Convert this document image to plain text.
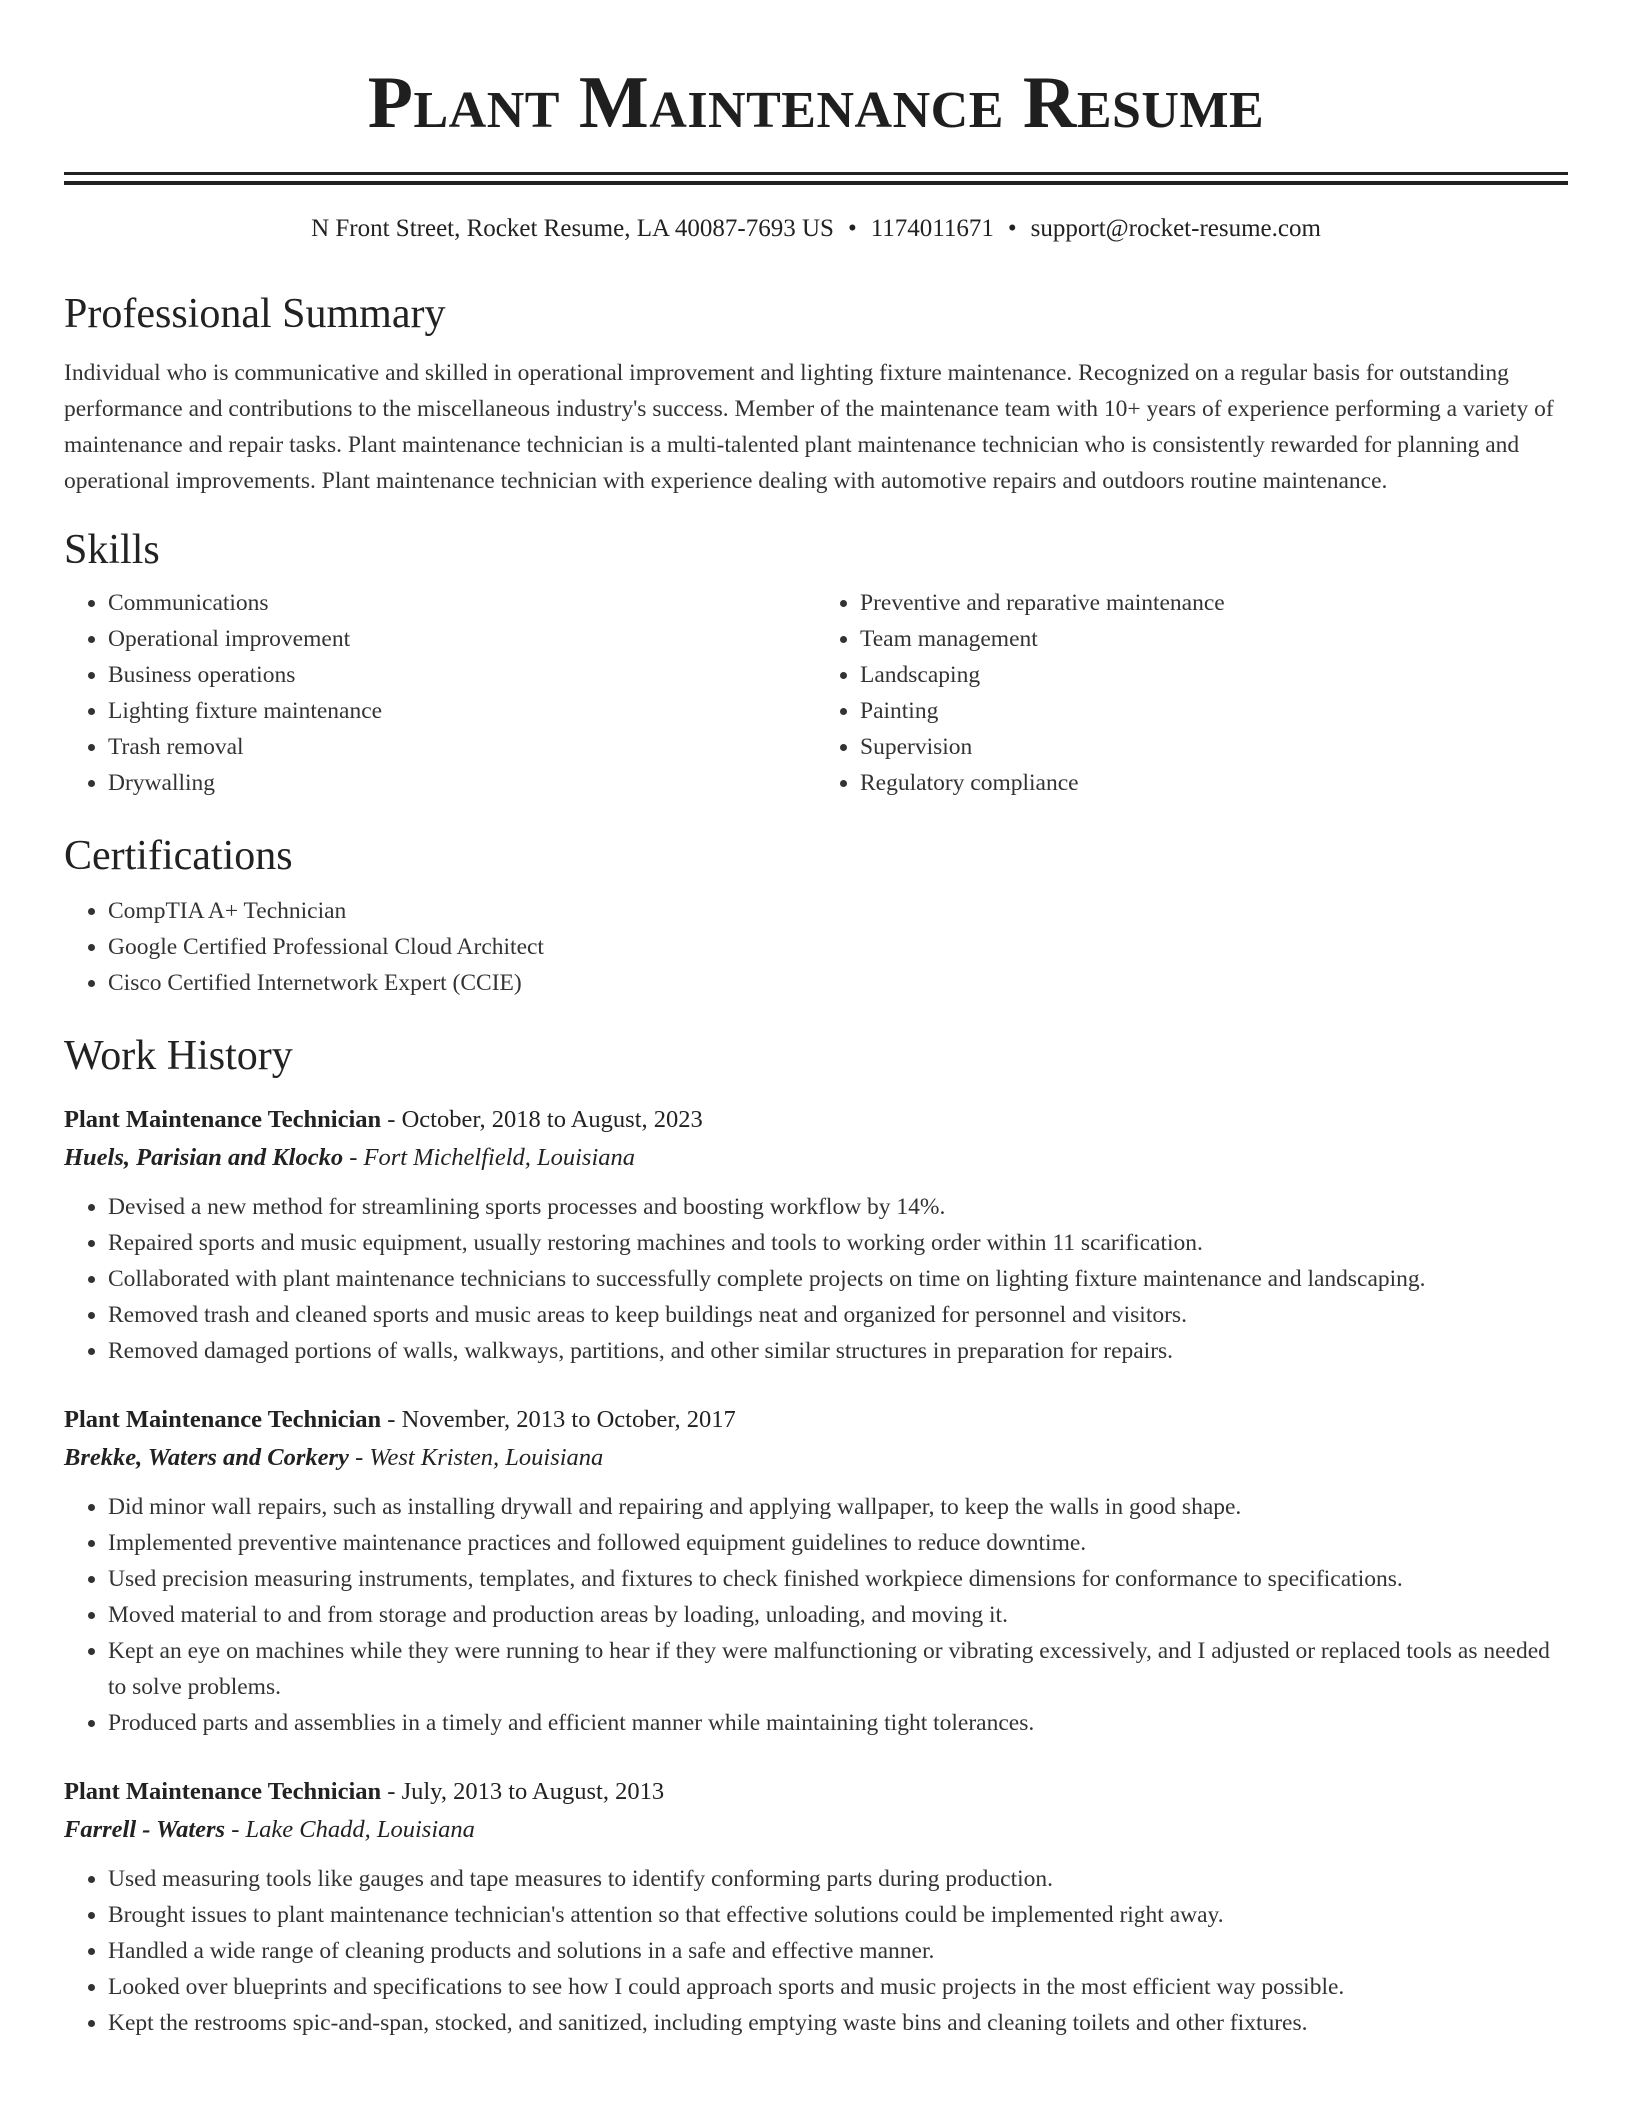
Plant Maintenance Resume
N Front Street, Rocket Resume, LA 40087-7693 US • 1174011671 • support@rocket-resume.com
Professional Summary

Individual who is communicative and skilled in operational improvement and lighting fixture maintenance. Recognized on a regular basis for outstanding performance and contributions to the miscellaneous industry's success. Member of the maintenance team with 10+ years of experience performing a variety of maintenance and repair tasks. Plant maintenance technician is a multi-talented plant maintenance technician who is consistently rewarded for planning and operational improvements. Plant maintenance technician with experience dealing with automotive repairs and outdoors routine maintenance.

Skills
• Communications
• Operational improvement
• Business operations
• Lighting fixture maintenance
• Trash removal
• Drywalling
• Preventive and reparative maintenance
• Team management
• Landscaping
• Painting
• Supervision
• Regulatory compliance
Certifications
• CompTIA A+ Technician
• Google Certified Professional Cloud Architect
• Cisco Certified Internetwork Expert (CCIE)
Work History
Plant Maintenance Technician - October, 2018 to August, 2023
Huels, Parisian and Klocko - Fort Michelfield, Louisiana
• Devised a new method for streamlining sports processes and boosting workflow by 14%.
• Repaired sports and music equipment, usually restoring machines and tools to working order within 11 scarification.
• Collaborated with plant maintenance technicians to successfully complete projects on time on lighting fixture maintenance and landscaping.
• Removed trash and cleaned sports and music areas to keep buildings neat and organized for personnel and visitors.
• Removed damaged portions of walls, walkways, partitions, and other similar structures in preparation for repairs.
Plant Maintenance Technician - November, 2013 to October, 2017
Brekke, Waters and Corkery - West Kristen, Louisiana
• Did minor wall repairs, such as installing drywall and repairing and applying wallpaper, to keep the walls in good shape.
• Implemented preventive maintenance practices and followed equipment guidelines to reduce downtime.
• Used precision measuring instruments, templates, and fixtures to check finished workpiece dimensions for conformance to specifications.
• Moved material to and from storage and production areas by loading, unloading, and moving it.
• Kept an eye on machines while they were running to hear if they were malfunctioning or vibrating excessively, and I adjusted or replaced tools as needed to solve problems.
• Produced parts and assemblies in a timely and efficient manner while maintaining tight tolerances.
Plant Maintenance Technician - July, 2013 to August, 2013
Farrell - Waters - Lake Chadd, Louisiana
• Used measuring tools like gauges and tape measures to identify conforming parts during production.
• Brought issues to plant maintenance technician's attention so that effective solutions could be implemented right away.
• Handled a wide range of cleaning products and solutions in a safe and effective manner.
• Looked over blueprints and specifications to see how I could approach sports and music projects in the most efficient way possible.
• Kept the restrooms spic-and-span, stocked, and sanitized, including emptying waste bins and cleaning toilets and other fixtures.
